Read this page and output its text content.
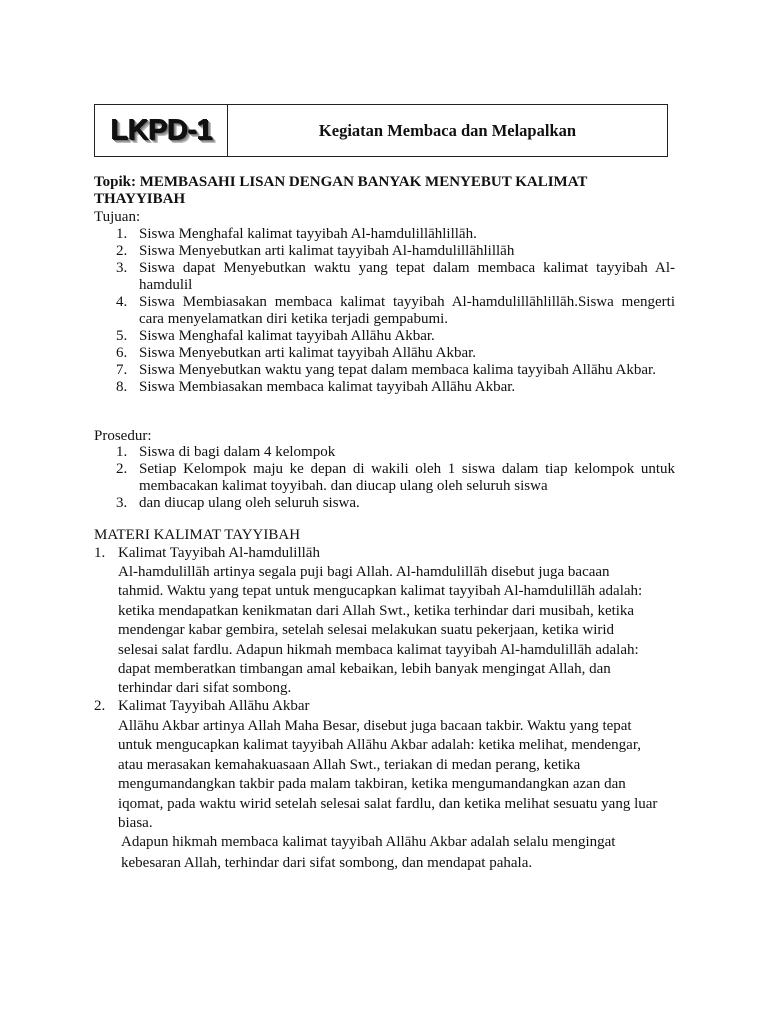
LKPD-1	Kegiatan Membaca dan Melapalkan
Topik: MEMBASAHI LISAN DENGAN BANYAK MENYEBUT KALIMAT THAYYIBAH
Tujuan:
1. Siswa Menghafal kalimat tayyibah Al-hamdulillāhlillāh.
2. Siswa Menyebutkan arti kalimat tayyibah Al-hamdulillāhlillāh
3. Siswa dapat Menyebutkan waktu yang tepat dalam membaca kalimat tayyibah Al-hamdulil
4. Siswa Membiasakan membaca kalimat tayyibah Al-hamdulillāhlillāh.Siswa mengerti cara menyelamatkan diri ketika terjadi gempabumi.
5. Siswa Menghafal kalimat tayyibah Allāhu Akbar.
6. Siswa Menyebutkan arti kalimat tayyibah Allāhu Akbar.
7. Siswa Menyebutkan waktu yang tepat dalam membaca kalima tayyibah Allāhu Akbar.
8. Siswa Membiasakan membaca kalimat tayyibah Allāhu Akbar.
Prosedur:
1. Siswa di bagi dalam 4 kelompok
2. Setiap Kelompok maju ke depan di wakili oleh 1 siswa dalam tiap kelompok untuk membacakan kalimat toyyibah. dan diucap ulang oleh seluruh siswa
3. dan diucap ulang oleh seluruh siswa.
MATERI KALIMAT TAYYIBAH
1. Kalimat Tayyibah Al-hamdulillāh
Al-hamdulillāh artinya segala puji bagi Allah. Al-hamdulillāh disebut juga bacaan
tahmid. Waktu yang tepat untuk mengucapkan kalimat tayyibah Al-hamdulillāh adalah:
ketika mendapatkan kenikmatan dari Allah Swt., ketika terhindar dari musibah, ketika
mendengar kabar gembira, setelah selesai melakukan suatu pekerjaan, ketika wirid
selesai salat fardlu. Adapun hikmah membaca kalimat tayyibah Al-hamdulillāh adalah:
dapat memberatkan timbangan amal kebaikan, lebih banyak mengingat Allah, dan
terhindar dari sifat sombong.
2. Kalimat Tayyibah Allāhu Akbar
Allāhu Akbar artinya Allah Maha Besar, disebut juga bacaan takbir. Waktu yang tepat
untuk mengucapkan kalimat tayyibah Allāhu Akbar adalah: ketika melihat, mendengar,
atau merasakan kemahakuasaan Allah Swt., teriakan di medan perang, ketika
mengumandangkan takbir pada malam takbiran, ketika mengumandangkan azan dan
iqomat, pada waktu wirid setelah selesai salat fardlu, dan ketika melihat sesuatu yang luar
biasa.
Adapun hikmah membaca kalimat tayyibah Allāhu Akbar adalah selalu mengingat
kebesaran Allah, terhindar dari sifat sombong, dan mendapat pahala.
